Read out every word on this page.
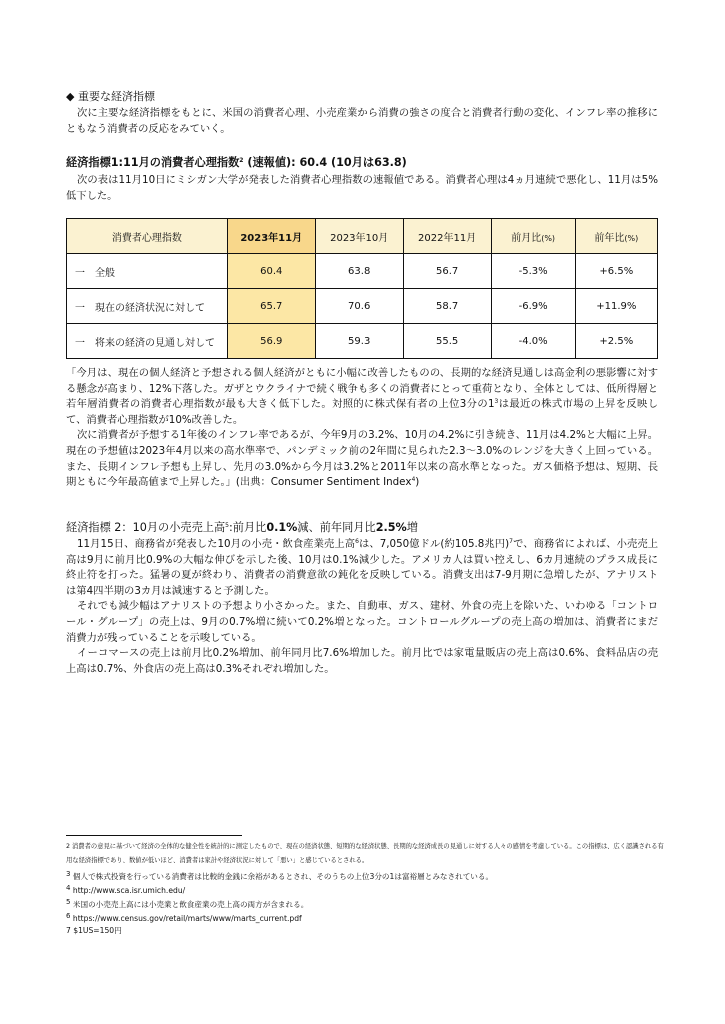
◆ 重要な経済指標
次に主要な経済指標をもとに、米国の消費者心理、小売産業から消費の強さの度合と消費者行動の変化、インフレ率の推移にともなう消費者の反応をみていく。
経済指標1:11月の消費者心理指数$^2$ (速報値): 60.4 (10月は63.8)
次の表は11月10日にミシガン大学が発表した消費者心理指数の速報値である。消費者心理は4ヵ月連続で悪化し、11月は5%低下した。
消費者心理指数	2023年11月	2023年10月	2022年11月	前月比(%)	前年比(%)
一　全般	60.4	63.8	56.7	-5.3%	+6.5%
一　現在の経済状況に対して	65.7	70.6	58.7	-6.9%	+11.9%
一　将来の経済の見通し対して	56.9	59.3	55.5	-4.0%	+2.5%
「今月は、現在の個人経済と予想される個人経済がともに小幅に改善したものの、長期的な経済見通しは高金利の悪影響に対する懸念が高まり、12%下落した。ガザとウクライナで続く戦争も多くの消費者にとって重荷となり、全体としては、低所得層と若年層消費者の消費者心理指数が最も大きく低下した。対照的に株式保有者の上位3分の$1^3$は最近の株式市場の上昇を反映して、消費者心理指数が10%改善した。
次に消費者が予想する1年後のインフレ率であるが、今年9月の3.2%、10月の4.2%に引き続き、11月は4.2%と大幅に上昇。現在の予想値は2023年4月以来の高水準率で、パンデミック前の2年間に見られた2.3～3.0%のレンジを大きく上回っている。また、長期インフレ予想も上昇し、先月の3.0%から今月は3.2%と2011年以来の高水準となった。ガス価格予想は、短期、長期ともに今年最高値まで上昇した。」(出典：Consumer Sentiment Index$^4$)
経済指標 2：10月の小売売上高$^5$:前月比0.1%減、前年同月比2.5%増
11月15日、商務省が発表した10月の小売・飲食産業売上高$^6$は、7,050億ドル(約105.8兆円)$^7$で、商務省によれば、小売売上高は9月に前月比0.9%の大幅な伸びを示した後、10月は0.1%減少した。アメリカ人は買い控えし、6カ月連続のプラス成長に終止符を打った。猛暑の夏が終わり、消費者の消費意欲の鈍化を反映している。消費支出は7-9月期に急増したが、アナリストは第4四半期の3カ月は減速すると予測した。
それでも減少幅はアナリストの予想より小さかった。また、自動車、ガス、建材、外食の売上を除いた、いわゆる「コントロール・グループ」の売上は、9月の0.7%増に続いて0.2%増となった。コントロールグループの売上高の増加は、消費者にまだ消費力が残っていることを示唆している。
イーコマースの売上は前月比0.2%増加、前年同月比7.6%増加した。前月比では家電量販店の売上高は0.6%、食料品店の売上高は0.7%、外食店の売上高は0.3%それぞれ増加した。
2 消費者の意見に基づいて経済の全体的な健全性を統計的に測定したもので、現在の経済状態、短期的な経済状態、長期的な経済成長の見通しに対する人々の感情を考慮している。この指標は、広く認識される有用な経済指標であり、数値が低いほど、消費者は家計や経済状況に対して「悪い」と感じているとされる。
3 個人で株式投資を行っている消費者は比較的金銭に余裕があるとされ、そのうちの上位3分の1は富裕層とみなされている。
4 http://www.sca.isr.umich.edu/
5 米国の小売売上高には小売業と飲食産業の売上高の両方が含まれる。
6 https://www.census.gov/retail/marts/www/marts_current.pdf
7 $1US=150円
